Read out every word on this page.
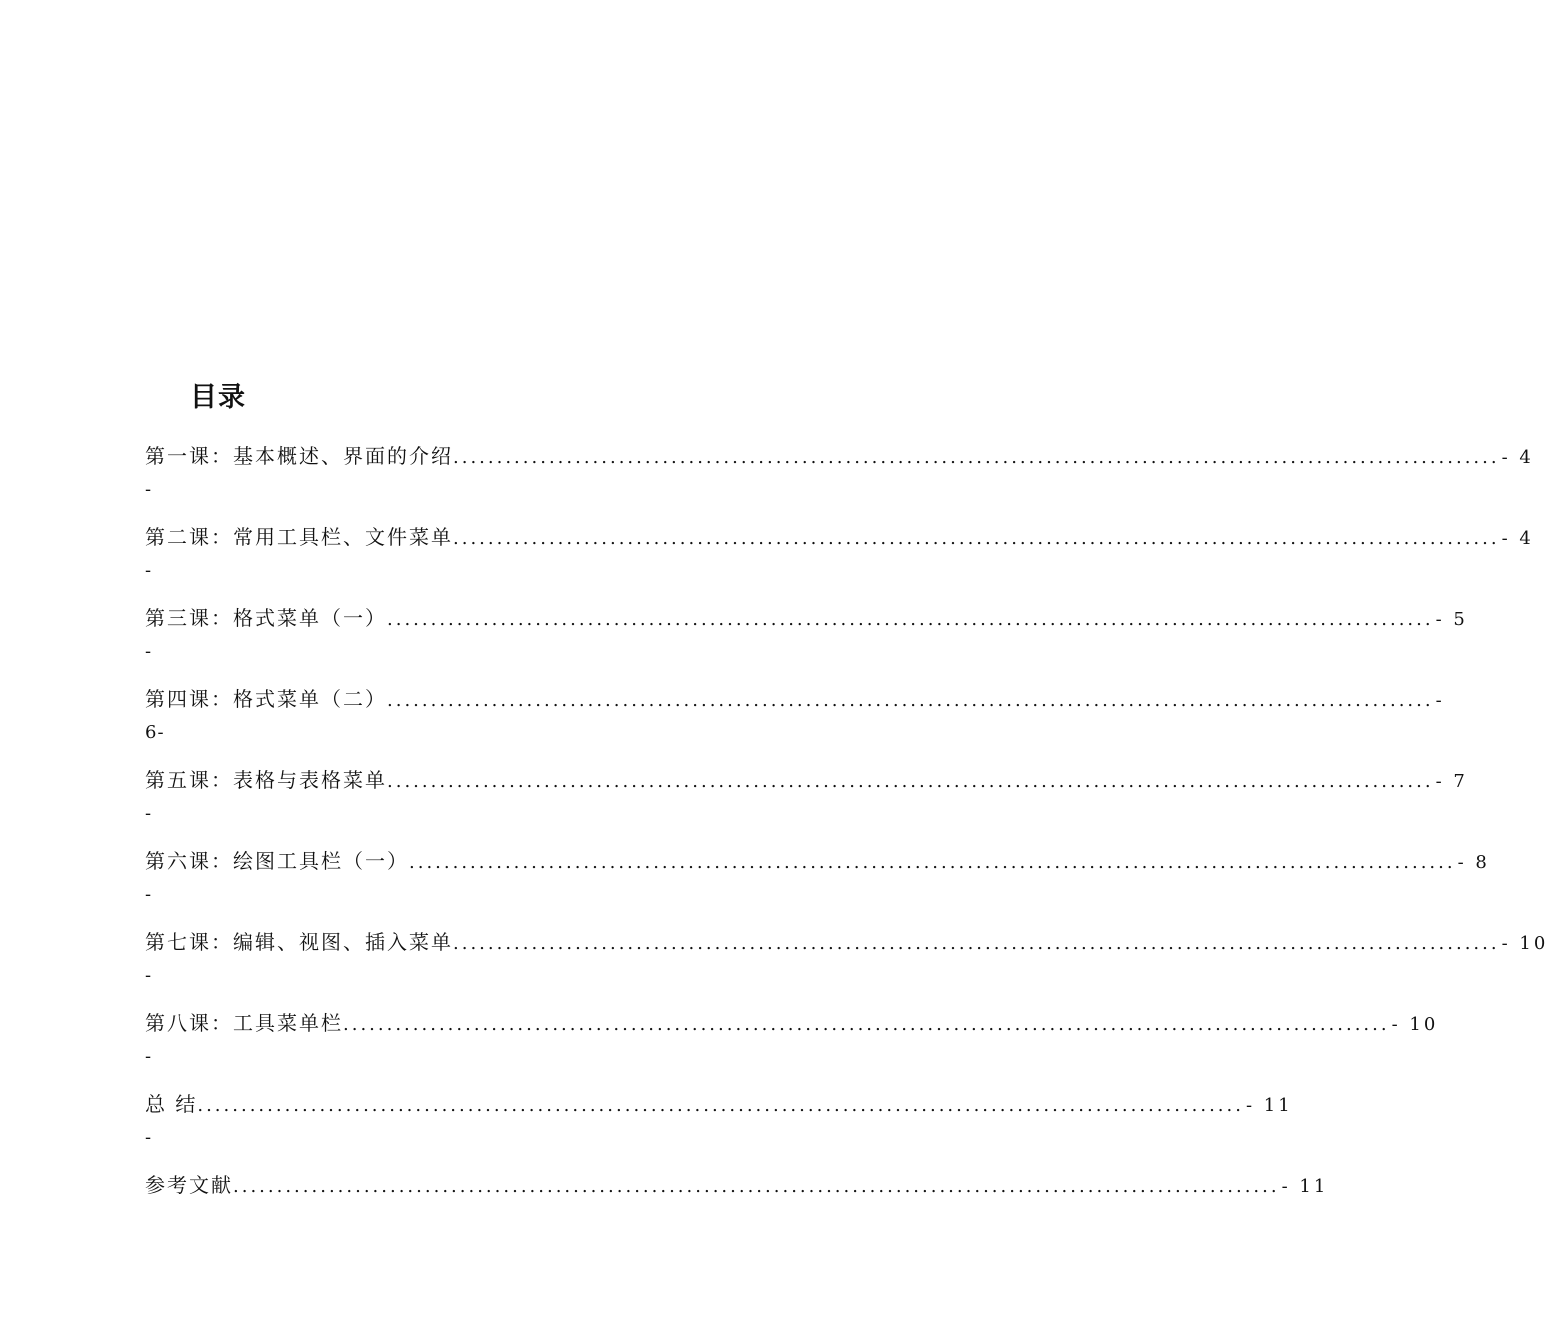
目录
第一课：基本概述、界面的介绍 ........................................................................................................................ - 4
-
第二课：常用工具栏、文件菜单 ........................................................................................................................ - 4
-
第三课：格式菜单（一） ........................................................................................................................ - 5
-
第四课：格式菜单（二） ........................................................................................................................ -
6-
第五课：表格与表格菜单 ........................................................................................................................ - 7
-
第六课：绘图工具栏（一） ........................................................................................................................ - 8
-
第七课：编辑、视图、插入菜单 ........................................................................................................................ - 10
-
第八课：工具菜单栏 ........................................................................................................................ - 10
-
总 结 ........................................................................................................................ - 11
-
参考文献 ........................................................................................................................ - 11
